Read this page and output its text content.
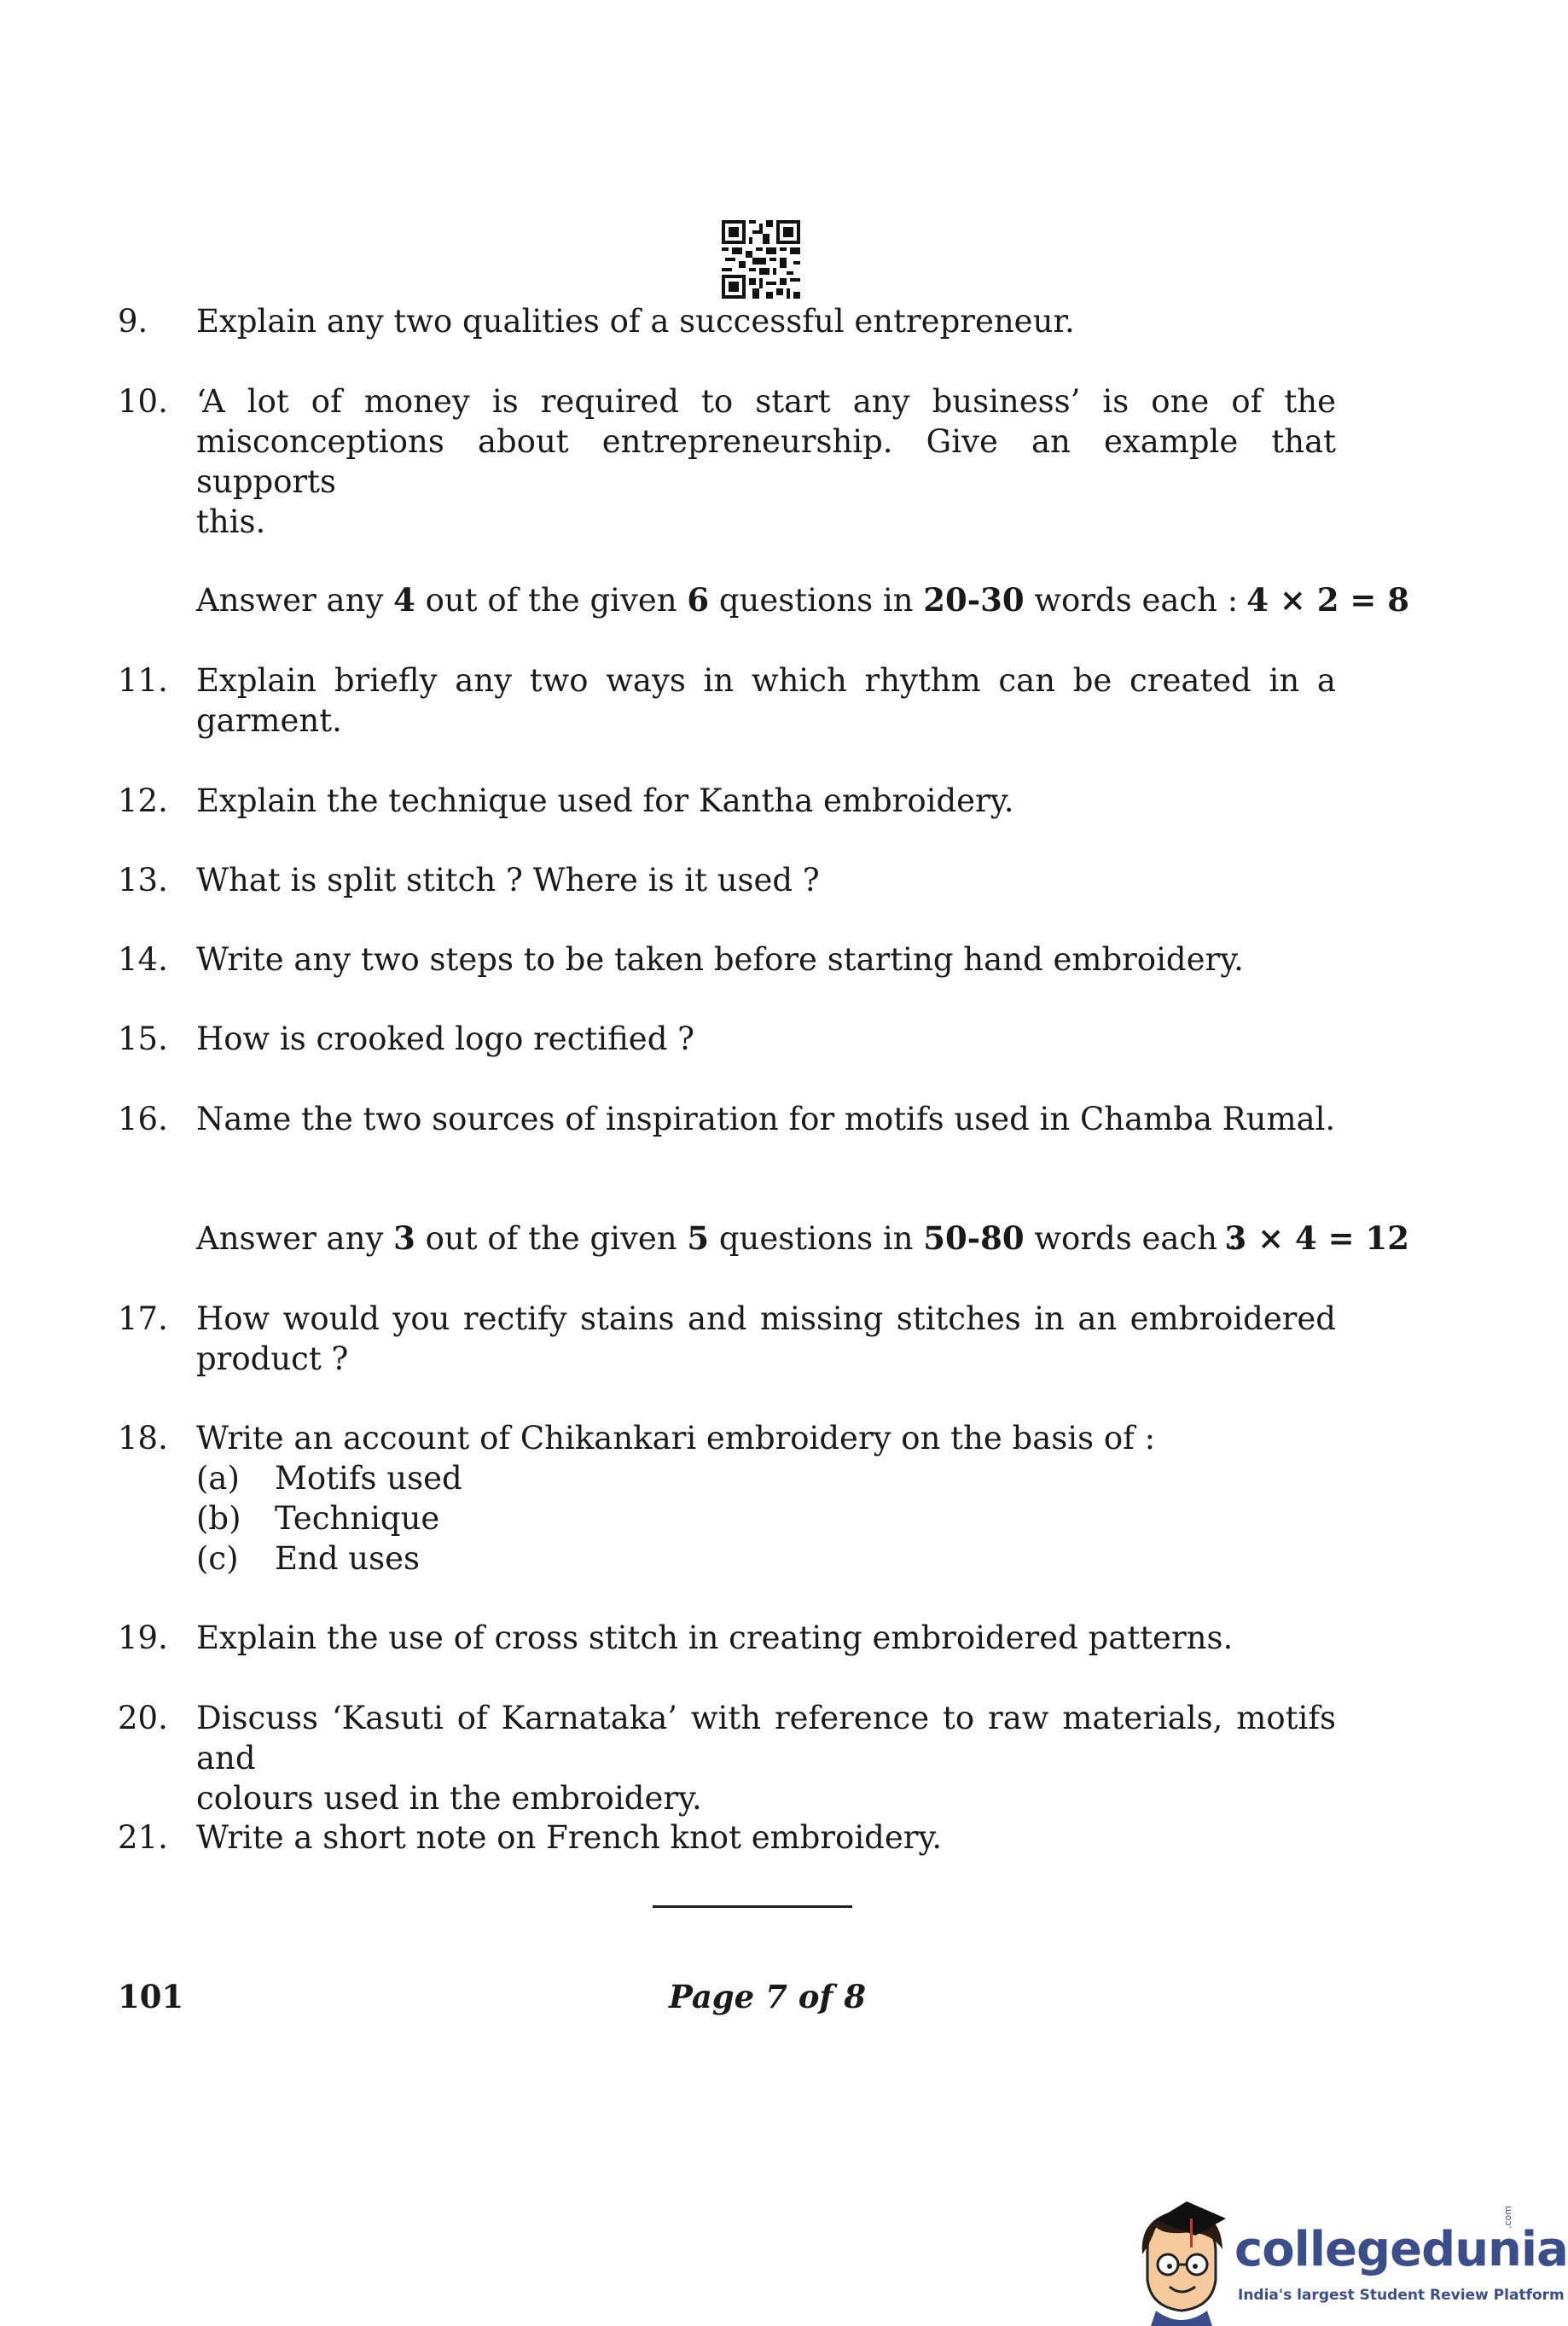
9.	Explain any two qualities of a successful entrepreneur.
10. ‘A lot of money is required to start any business’ is one of the misconceptions about entrepreneurship. Give an example that supports
this.
Answer any 4 out of the given 6 questions in 20-30 words each : 4 × 2 = 8
11. Explain briefly any two ways in which rhythm can be created in a
garment.
12. Explain the technique used for Kantha embroidery.
13. What is split stitch ? Where is it used ?
14. Write any two steps to be taken before starting hand embroidery.
15. How is crooked logo rectified ?
16. Name the two sources of inspiration for motifs used in Chamba Rumal.
Answer any 3 out of the given 5 questions in 50-80 words each :
3 × 4 = 12
17. How would you rectify stains and missing stitches in an embroidered
product ?
18. Write an account of Chikankari embroidery on the basis of :
(a) Motifs used
(b) Technique
(c) End uses
19. Explain the use of cross stitch in creating embroidered patterns.
20. Discuss ‘Kasuti of Karnataka’ with reference to raw materials, motifs and
colours used in the embroidery.
21. Write a short note on French knot embroidery.
101	Page 7 of 8
collegedunia
.com
India's largest Student Review Platform
